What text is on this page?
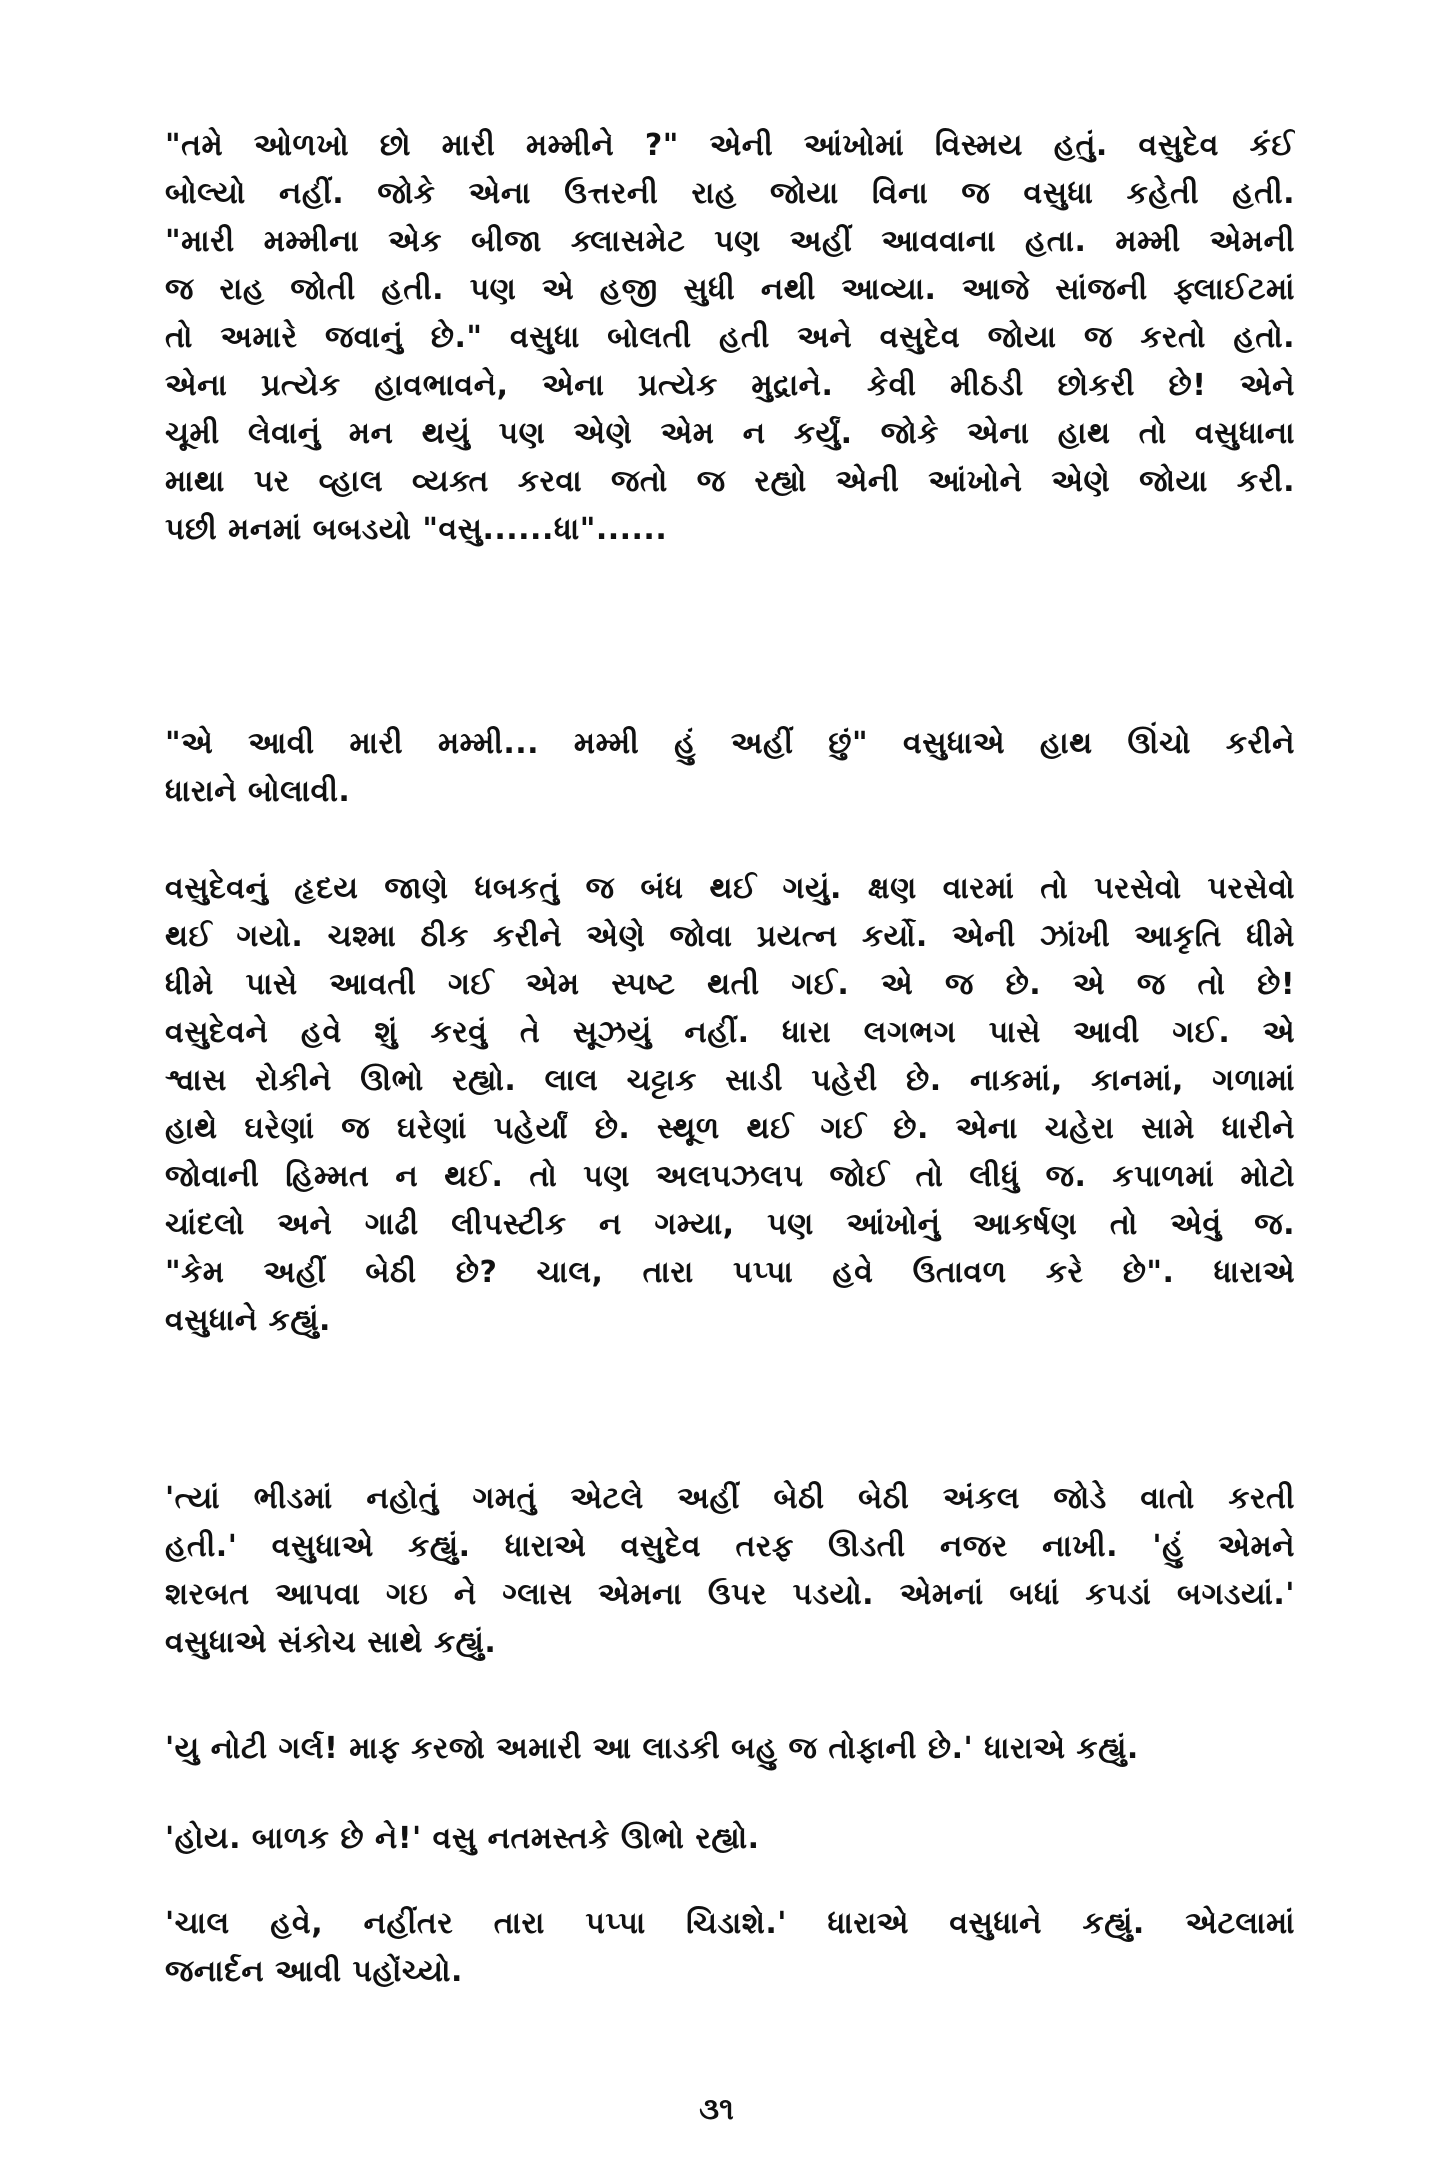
"તમે ઓળખો છો મારી મમ્મીને ?" એની આંખોમાં વિસ્મય હતું. વસુદેવ કંઈ
બોલ્યો નહીં. જોકે એના ઉત્તરની રાહ જોયા વિના જ વસુધા કહેતી હતી.
"મારી મમ્મીના એક બીજા ક્લાસમેટ પણ અહીં આવવાના હતા. મમ્મી એમની
જ રાહ જોતી હતી. પણ એ હજી સુધી નથી આવ્યા. આજે સાંજની ફ્લાઈટમાં
તો અમારે જવાનું છે." વસુધા બોલતી હતી અને વસુદેવ જોયા જ કરતો હતો.
એના પ્રત્યેક હાવભાવને, એના પ્રત્યેક મુદ્રાને. કેવી મીઠડી છોકરી છે! એને
ચૂમી લેવાનું મન થયું પણ એણે એમ ન કર્યું. જોકે એના હાથ તો વસુધાના
માથા પર વ્હાલ વ્યક્ત કરવા જતો જ રહ્યો એની આંખોને એણે જોયા કરી.
પછી મનમાં બબડયો "વસુ......ધા"......
"એ આવી મારી મમ્મી... મમ્મી હું અહીં છું" વસુધાએ હાથ ઊંચો કરીને
ધારાને બોલાવી.
વસુદેવનું હૃદય જાણે ધબકતું જ બંધ થઈ ગયું. ક્ષણ વારમાં તો પરસેવો પરસેવો
થઈ ગયો. ચશ્મા ઠીક કરીને એણે જોવા પ્રયત્ન કર્યો. એની ઝાંખી આકૃતિ ધીમે
ધીમે પાસે આવતી ગઈ એમ સ્પષ્ટ થતી ગઈ. એ જ છે. એ જ તો છે!
વસુદેવને હવે શું કરવું તે સૂઝયું નહીં. ધારા લગભગ પાસે આવી ગઈ. એ
શ્વાસ રોકીને ઊભો રહ્યો. લાલ ચટ્ટાક સાડી પહેરી છે. નાકમાં, કાનમાં, ગળામાં
હાથે ઘરેણાં જ ઘરેણાં પહેર્યાં છે. સ્થૂળ થઈ ગઈ છે. એના ચહેરા સામે ધારીને
જોવાની હિમ્મત ન થઈ. તો પણ અલપઝલપ જોઈ તો લીધું જ. કપાળમાં મોટો
ચાંદલો અને ગાઢી લીપસ્ટીક ન ગમ્યા, પણ આંખોનું આકર્ષણ તો એવું જ.
"કેમ અહીં બેઠી છે? ચાલ, તારા પપ્પા હવે ઉતાવળ કરે છે". ધારાએ
વસુધાને કહ્યું.
'ત્યાં ભીડમાં નહોતું ગમતું એટલે અહીં બેઠી બેઠી અંકલ જોડે વાતો કરતી
હતી.' વસુધાએ કહ્યું. ધારાએ વસુદેવ તરફ ઊડતી નજર નાખી. 'હું એમને
શરબત આપવા ગઇ ને ગ્લાસ એમના ઉપર પડયો. એમનાં બધાં કપડાં બગડયાં.'
વસુધાએ સંકોચ સાથે કહ્યું.
'યુ નોટી ગર્લ! માફ કરજો અમારી આ લાડકી બહુ જ તોફાની છે.' ધારાએ કહ્યું.
'હોય. બાળક છે ને!' વસુ નતમસ્તકે ઊભો રહ્યો.
'ચાલ હવે, નહીંતર તારા પપ્પા ચિડાશે.' ધારાએ વસુધાને કહ્યું. એટલામાં
જનાર્દન આવી પહોંચ્યો.
૩૧
